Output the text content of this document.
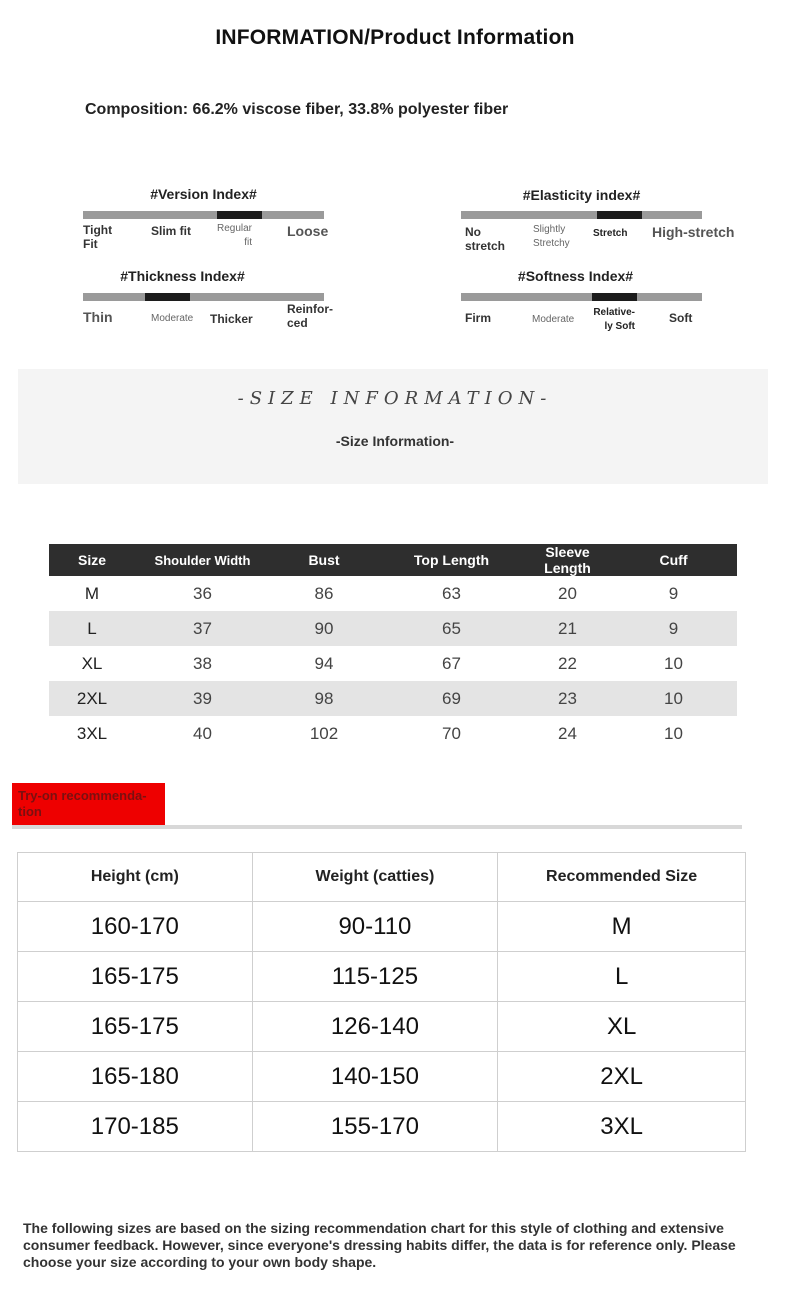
INFORMATION/Product Information
Composition: 66.2% viscose fiber, 33.8% polyester fiber
#Version Index#
Tight Fit
Slim fit	Regular fit
Loose
#Elasticity index#
No stretch
Slightly Stretchy
Stretch High-stretch
#Thickness Index#
Thin	Moderate Thicker
Reinfor-ced
#Softness Index#
Firm	Moderate
Relative-ly Soft
Soft
-SIZE INFORMATION-
-Size Information-
Size	Shoulder Width	Bust	Top Length	Sleeve Length	Cuff
M	36	86	63	20	9
L	37	90	65	21	9
XL	38	94	67	22	10
2XL	39	98	69	23	10
3XL	40	102	70	24	10
Try-on recommenda-tion
Height (cm)	Weight (catties)	Recommended Size
160-170	90-110	M
165-175	115-125	L
165-175	126-140	XL
165-180	140-150	2XL
170-185	155-170	3XL
The following sizes are based on the sizing recommendation chart for this style of clothing and extensive consumer feedback. However, since everyone's dressing habits differ, the data is for reference only. Please choose your size according to your own body shape.
